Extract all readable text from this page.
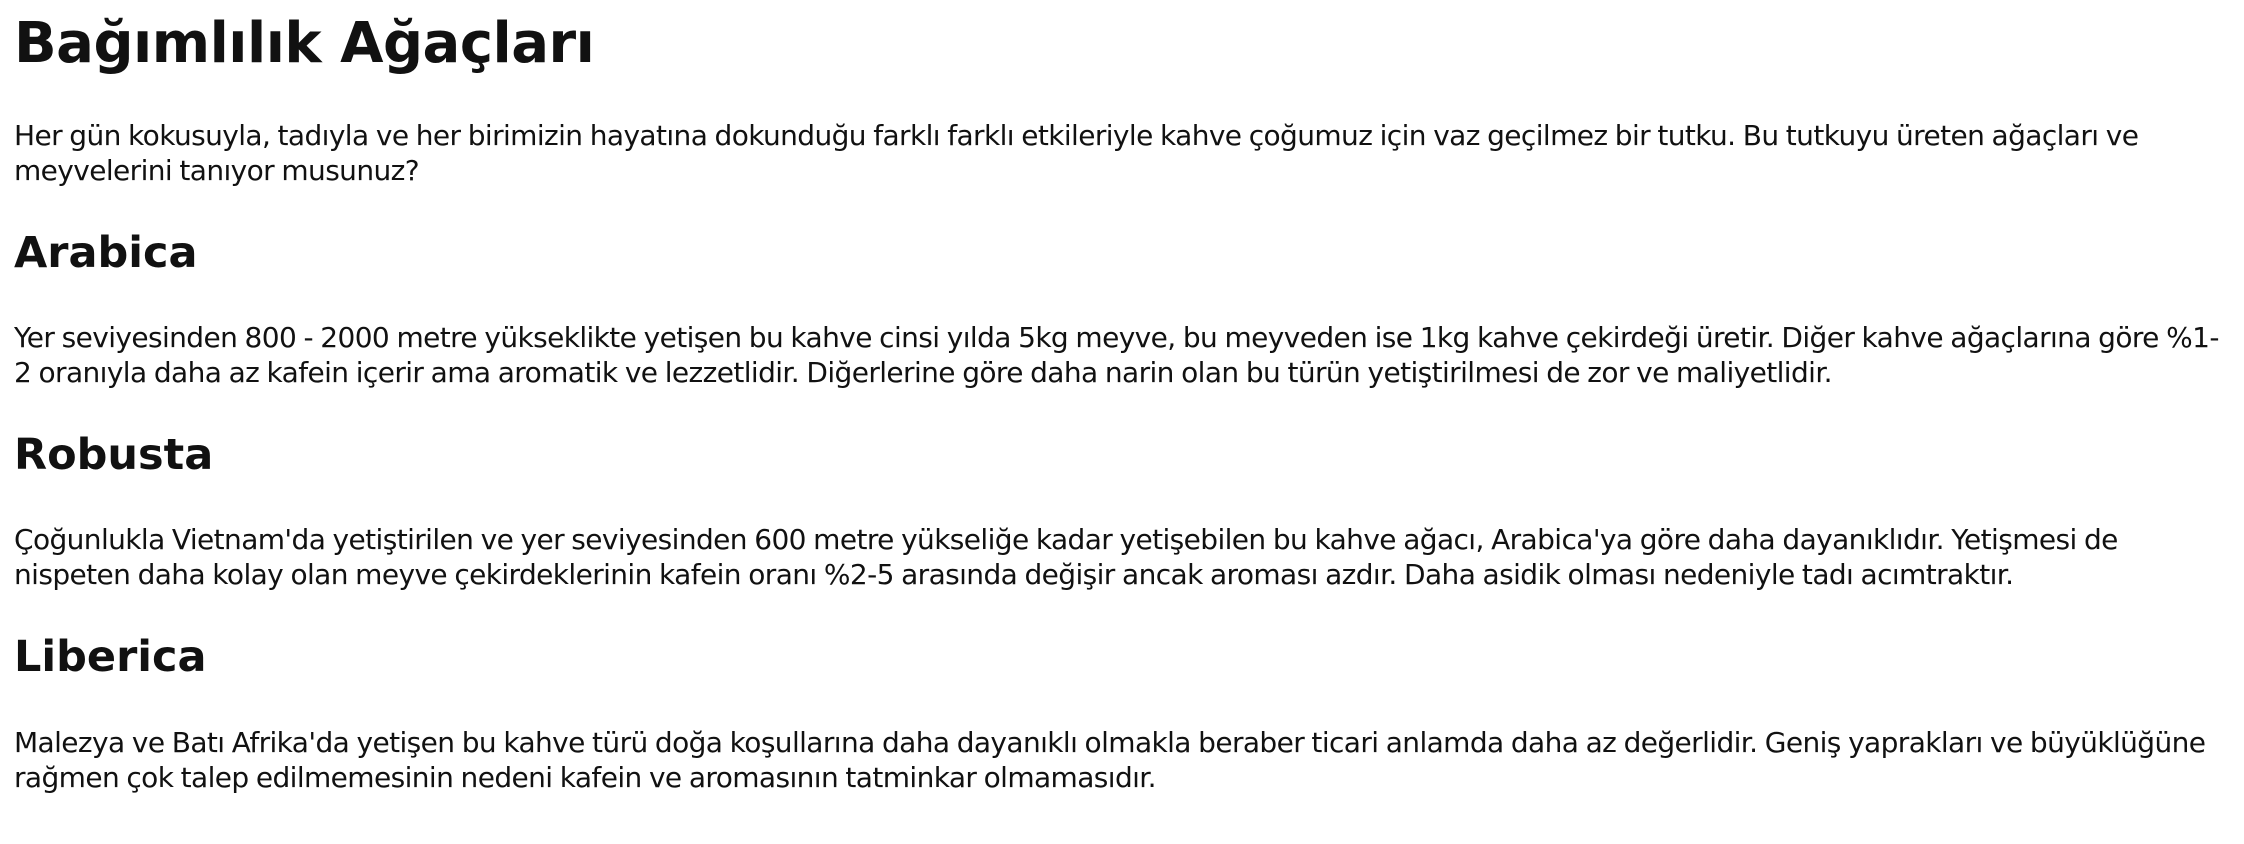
Bağımlılık Ağaçları

Her gün kokusuyla, tadıyla ve her birimizin hayatına dokunduğu farklı farklı etkileriyle kahve çoğumuz için vaz geçilmez bir tutku. Bu tutkuyu üreten ağaçları ve meyvelerini tanıyor musunuz?

Arabica

Yer seviyesinden 800 - 2000 metre yükseklikte yetişen bu kahve cinsi yılda 5kg meyve, bu meyveden ise 1kg kahve çekirdeği üretir. Diğer kahve ağaçlarına göre %1-2 oranıyla daha az kafein içerir ama aromatik ve lezzetlidir. Diğerlerine göre daha narin olan bu türün yetiştirilmesi de zor ve maliyetlidir.

Robusta

Çoğunlukla Vietnam'da yetiştirilen ve yer seviyesinden 600 metre yükseliğe kadar yetişebilen bu kahve ağacı, Arabica'ya göre daha dayanıklıdır. Yetişmesi de nispeten daha kolay olan meyve çekirdeklerinin kafein oranı %2-5 arasında değişir ancak aroması azdır. Daha asidik olması nedeniyle tadı acımtraktır.

Liberica

Malezya ve Batı Afrika'da yetişen bu kahve türü doğa koşullarına daha dayanıklı olmakla beraber ticari anlamda daha az değerlidir. Geniş yaprakları ve büyüklüğüne rağmen çok talep edilmemesinin nedeni kafein ve aromasının tatminkar olmamasıdır.
